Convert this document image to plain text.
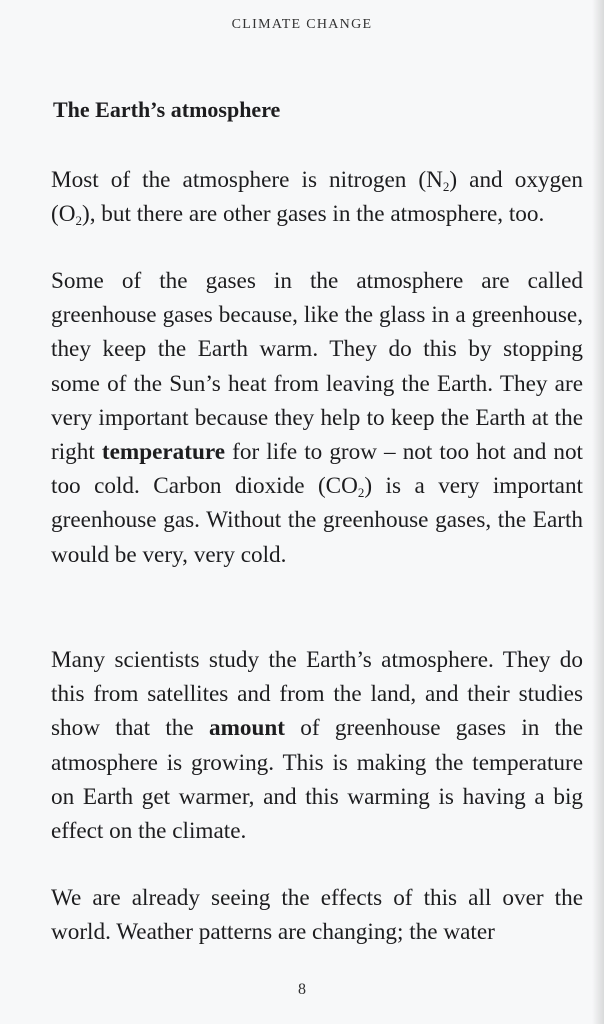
CLIMATE CHANGE

The Earth’s atmosphere

Most of the atmosphere is nitrogen $(N_2)$ and oxygen $(O_2)$, but there are other gases in the atmosphere, too.

Some of the gases in the atmosphere are called greenhouse gases because, like the glass in a greenhouse, they keep the Earth warm. They do this by stopping some of the Sun’s heat from leaving the Earth. They are very important because they help to keep the Earth at the right temperature for life to grow – not too hot and not too cold. Carbon dioxide $(CO_2)$ is a very important greenhouse gas. Without the greenhouse gases, the Earth would be very, very cold.

Many scientists study the Earth’s atmosphere. They do this from satellites and from the land, and their studies show that the amount of greenhouse gases in the atmosphere is growing. This is making the temperature on Earth get warmer, and this warming is having a big effect on the climate.

We are already seeing the effects of this all over the world. Weather patterns are changing; the water

8
